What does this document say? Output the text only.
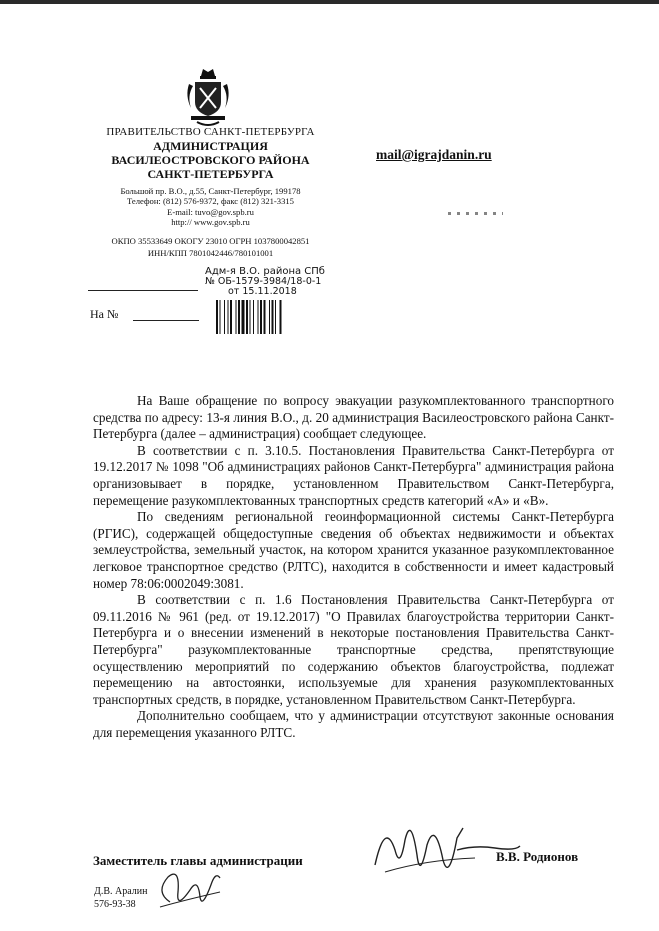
ПРАВИТЕЛЬСТВО САНКТ-ПЕТЕРБУРГА
АДМИНИСТРАЦИЯ
ВАСИЛЕОСТРОВСКОГО РАЙОНА
САНКТ-ПЕТЕРБУРГА
Большой пр. В.О., д.55, Санкт-Петербург, 199178
Телефон: (812) 576-9372, факс (812) 321-3315
E-mail: tuvo@gov.spb.ru
http:// www.gov.spb.ru
ОКПО 35533649 ОКОГУ 23010 ОГРН 1037800042851
ИНН/КПП 7801042446/780101001
mail@igrajdanin.ru
Адм-я В.О. района СПб
№ ОБ-1579-3984/18-0-1
от 15.11.2018
На №

На Ваше обращение по вопросу эвакуации разукомплектованного транспортного средства по адресу: 13-я линия В.О., д. 20 администрация Василеостровского района Санкт-Петербурга (далее – администрация) сообщает следующее.

В соответствии с п. 3.10.5. Постановления Правительства Санкт-Петербурга от 19.12.2017 № 1098 "Об администрациях районов Санкт-Петербурга" администрация района организовывает в порядке, установленном Правительством Санкт-Петербурга, перемещение разукомплектованных транспортных средств категорий «А» и «В».

По сведениям региональной геоинформационной системы Санкт-Петербурга (РГИС), содержащей общедоступные сведения об объектах недвижимости и объектах землеустройства, земельный участок, на котором хранится указанное разукомплектованное легковое транспортное средство (РЛТС), находится в собственности и имеет кадастровый номер 78:06:0002049:3081.

В соответствии с п. 1.6 Постановления Правительства Санкт-Петербурга от 09.11.2016 № 961 (ред. от 19.12.2017) "О Правилах благоустройства территории Санкт-Петербурга и о внесении изменений в некоторые постановления Правительства Санкт-Петербурга" разукомплектованные транспортные средства, препятствующие осуществлению мероприятий по содержанию объектов благоустройства, подлежат перемещению на автостоянки, используемые для хранения разукомплектованных транспортных средств, в порядке, установленном Правительством Санкт-Петербурга.

Дополнительно сообщаем, что у администрации отсутствуют законные основания для перемещения указанного РЛТС.

Заместитель главы администрации	В.В. Родионов
Д.В. Аралин
576-93-38
